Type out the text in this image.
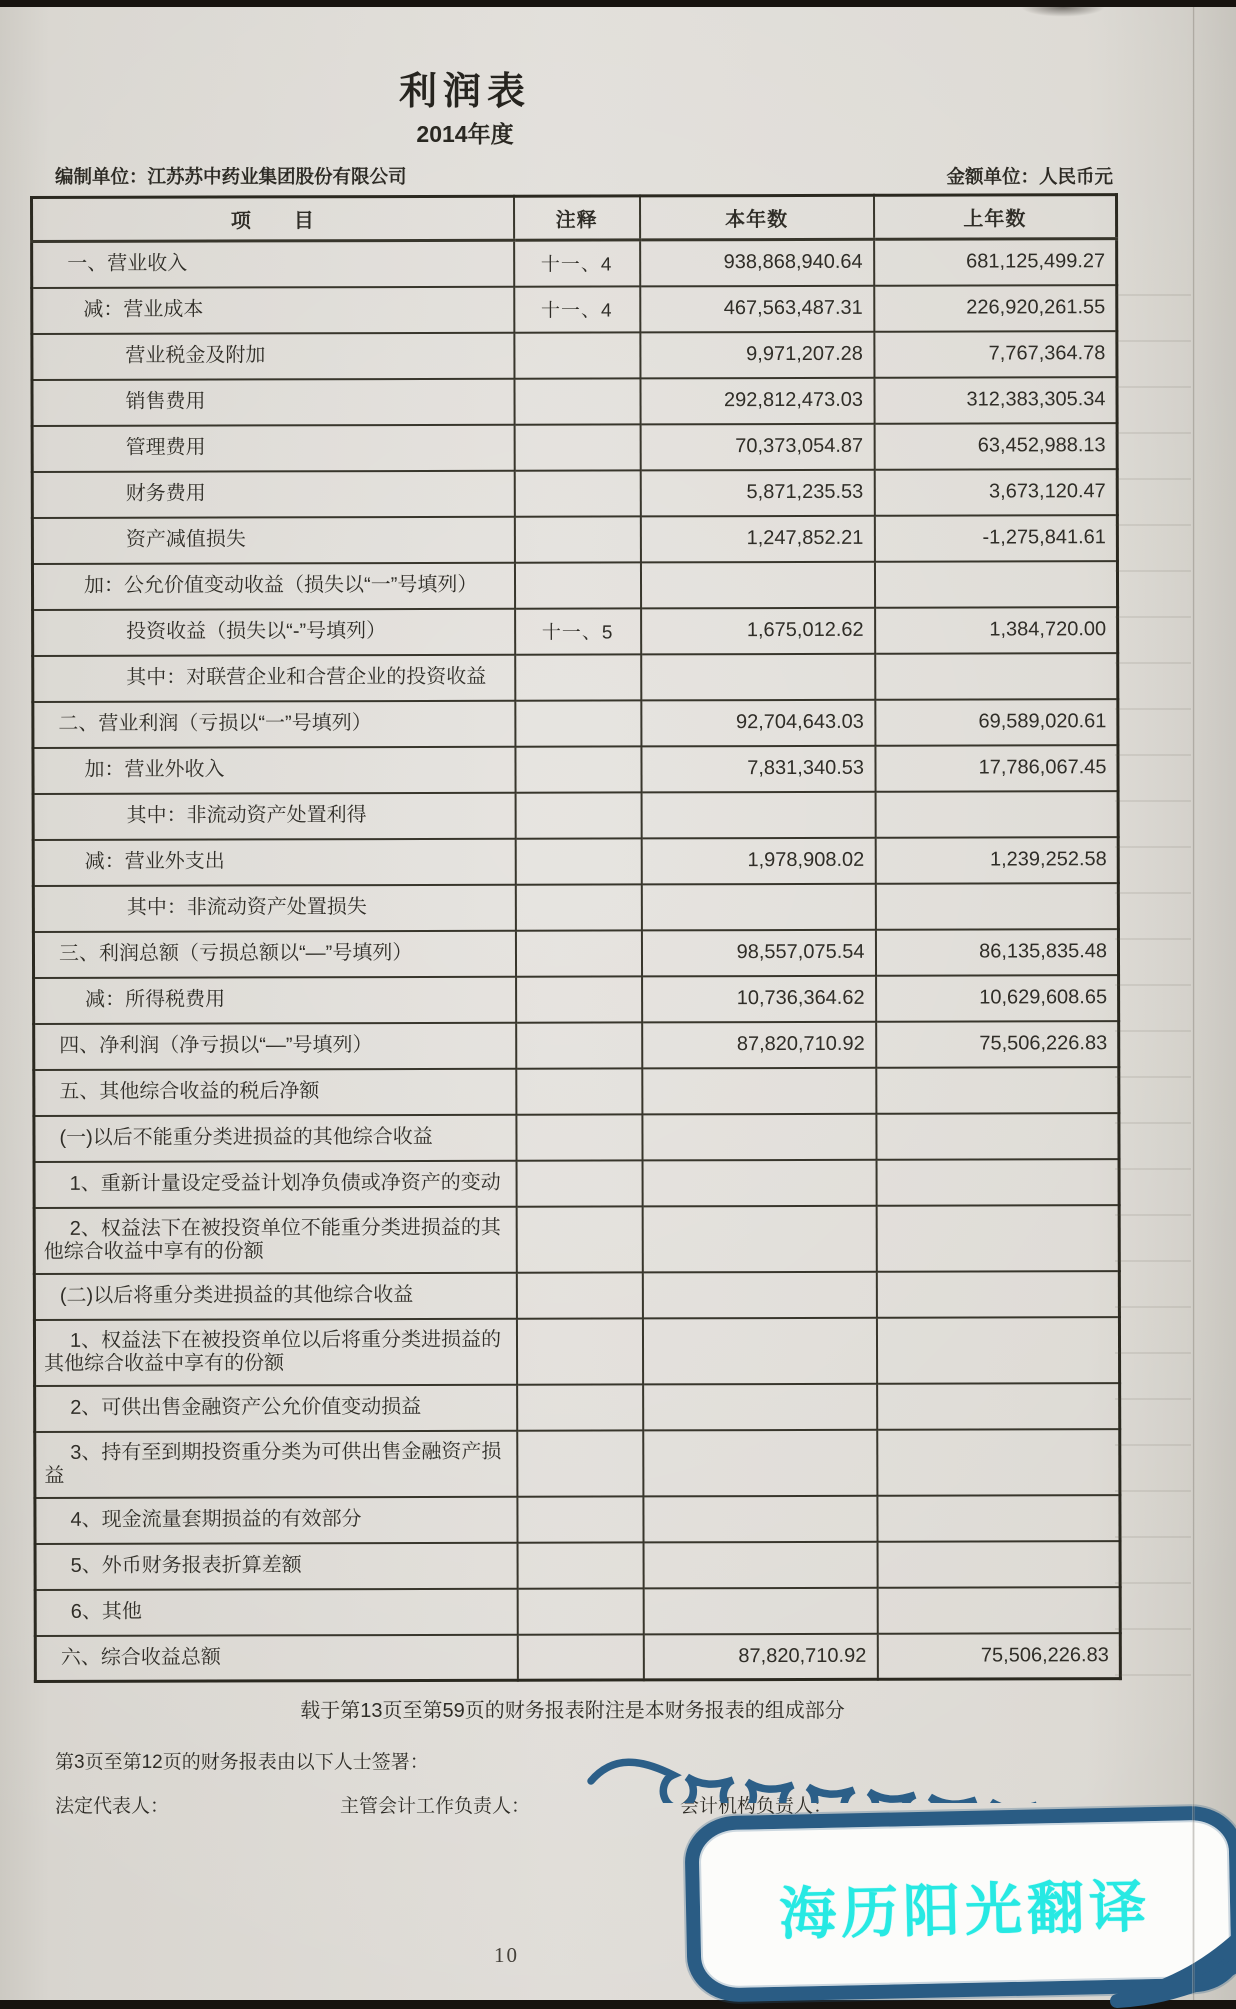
利润表
2014年度
编制单位：江苏苏中药业集团股份有限公司	金额单位：人民币元
项　　目	注释	本年数	上年数
一、营业收入	十一、4	938,868,940.64	681,125,499.27
减：营业成本	十一、4	467,563,487.31	226,920,261.55
营业税金及附加		9,971,207.28	7,767,364.78
销售费用		292,812,473.03	312,383,305.34
管理费用		70,373,054.87	63,452,988.13
财务费用		5,871,235.53	3,673,120.47
资产减值损失		1,247,852.21	-1,275,841.61
加：公允价值变动收益（损失以“一”号填列）			
投资收益（损失以“-”号填列）	十一、5	1,675,012.62	1,384,720.00
其中：对联营企业和合营企业的投资收益			
二、营业利润（亏损以“一”号填列）		92,704,643.03	69,589,020.61
加：营业外收入		7,831,340.53	17,786,067.45
其中：非流动资产处置利得			
减：营业外支出		1,978,908.02	1,239,252.58
其中：非流动资产处置损失			
三、利润总额（亏损总额以“—”号填列）		98,557,075.54	86,135,835.48
减：所得税费用		10,736,364.62	10,629,608.65
四、净利润（净亏损以“—”号填列）		87,820,710.92	75,506,226.83
五、其他综合收益的税后净额			
(一)以后不能重分类进损益的其他综合收益			
1、重新计量设定受益计划净负债或净资产的变动			
2、权益法下在被投资单位不能重分类进损益的其他综合收益中享有的份额			
(二)以后将重分类进损益的其他综合收益			
1、权益法下在被投资单位以后将重分类进损益的其他综合收益中享有的份额			
2、可供出售金融资产公允价值变动损益			
3、持有至到期投资重分类为可供出售金融资产损益			
4、现金流量套期损益的有效部分			
5、外币财务报表折算差额			
6、其他			
六、综合收益总额		87,820,710.92	75,506,226.83
载于第13页至第59页的财务报表附注是本财务报表的组成部分
第3页至第12页的财务报表由以下人士签署：
法定代表人：	主管会计工作负责人：	会计机构负责人：
海历阳光翻译
10
